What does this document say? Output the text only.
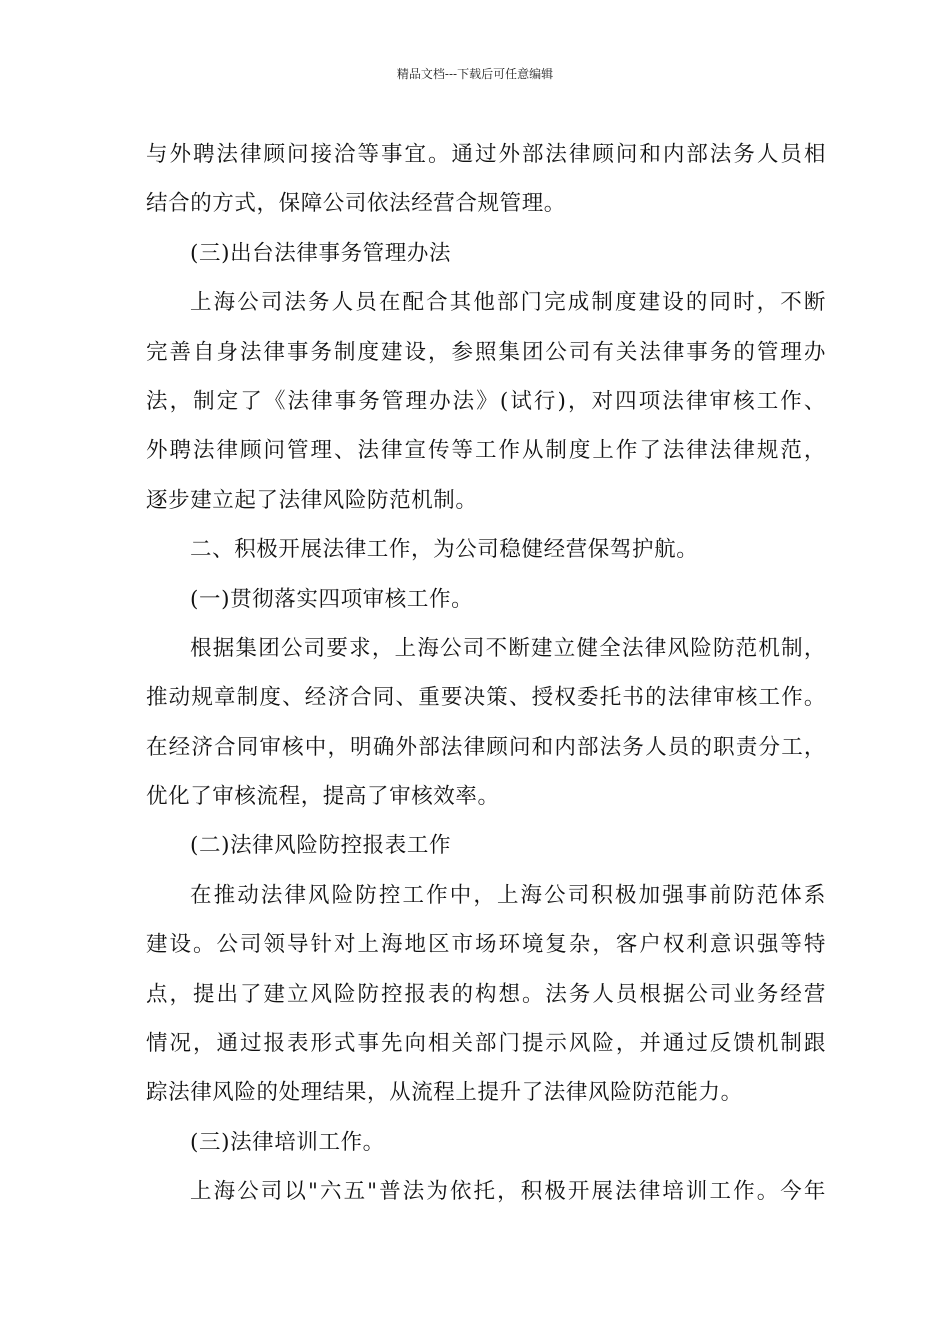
精品文档---下载后可任意编辑
与外聘法律顾问接洽等事宜。通过外部法律顾问和内部法务人员相
结合的方式，保障公司依法经营合规管理。
(三)出台法律事务管理办法
上海公司法务人员在配合其他部门完成制度建设的同时，不断
完善自身法律事务制度建设，参照集团公司有关法律事务的管理办
法，制定了《法律事务管理办法》(试行)，对四项法律审核工作、
外聘法律顾问管理、法律宣传等工作从制度上作了法律法律规范，
逐步建立起了法律风险防范机制。
二、积极开展法律工作，为公司稳健经营保驾护航。
(一)贯彻落实四项审核工作。
根据集团公司要求，上海公司不断建立健全法律风险防范机制，
推动规章制度、经济合同、重要决策、授权委托书的法律审核工作。
在经济合同审核中，明确外部法律顾问和内部法务人员的职责分工，
优化了审核流程，提高了审核效率。
(二)法律风险防控报表工作
在推动法律风险防控工作中，上海公司积极加强事前防范体系
建设。公司领导针对上海地区市场环境复杂，客户权利意识强等特
点，提出了建立风险防控报表的构想。法务人员根据公司业务经营
情况，通过报表形式事先向相关部门提示风险，并通过反馈机制跟
踪法律风险的处理结果，从流程上提升了法律风险防范能力。
(三)法律培训工作。
上海公司以"六五"普法为依托，积极开展法律培训工作。今年
